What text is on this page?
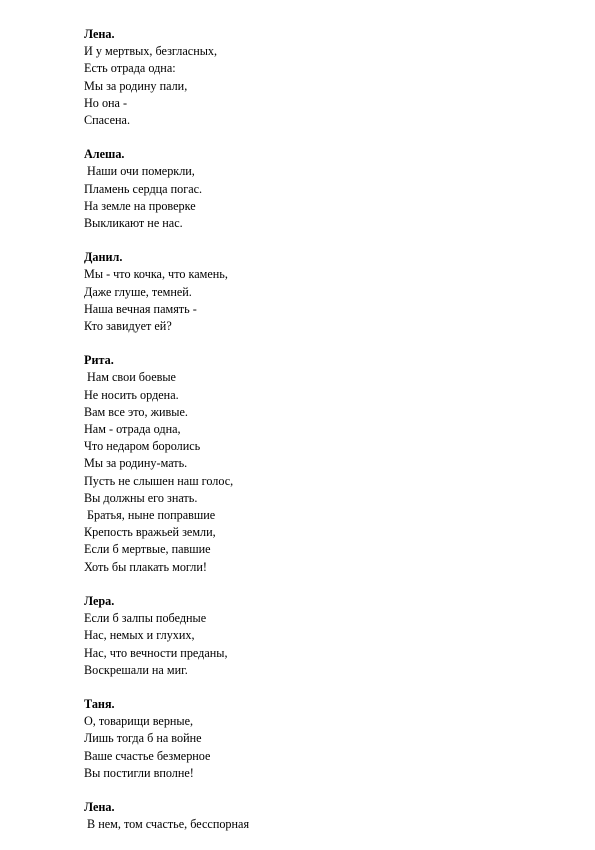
Лена.
И у мертвых, безгласных,
Есть отрада одна:
Мы за родину пали,
Но она -
Спасена.
Алеша.
Наши очи померкли,
Пламень сердца погас.
На земле на проверке
Выкликают не нас.
Данил.
Мы - что кочка, что камень,
Даже глуше, темней.
Наша вечная память -
Кто завидует ей?
Рита.
Нам свои боевые
Не носить ордена.
Вам все это, живые.
Нам - отрада одна,
Что недаром боролись
Мы за родину-мать.
Пусть не слышен наш голос,
Вы должны его знать.
Братья, ныне поправшие
Крепость вражьей земли,
Если б мертвые, павшие
Хоть бы плакать могли!
Лера.
Если б залпы победные
Нас, немых и глухих,
Нас, что вечности преданы,
Воскрешали на миг.
Таня.
О, товарищи верные,
Лишь тогда б на войне
Ваше счастье безмерное
Вы постигли вполне!
Лена.
В нем, том счастье, бесспорная
